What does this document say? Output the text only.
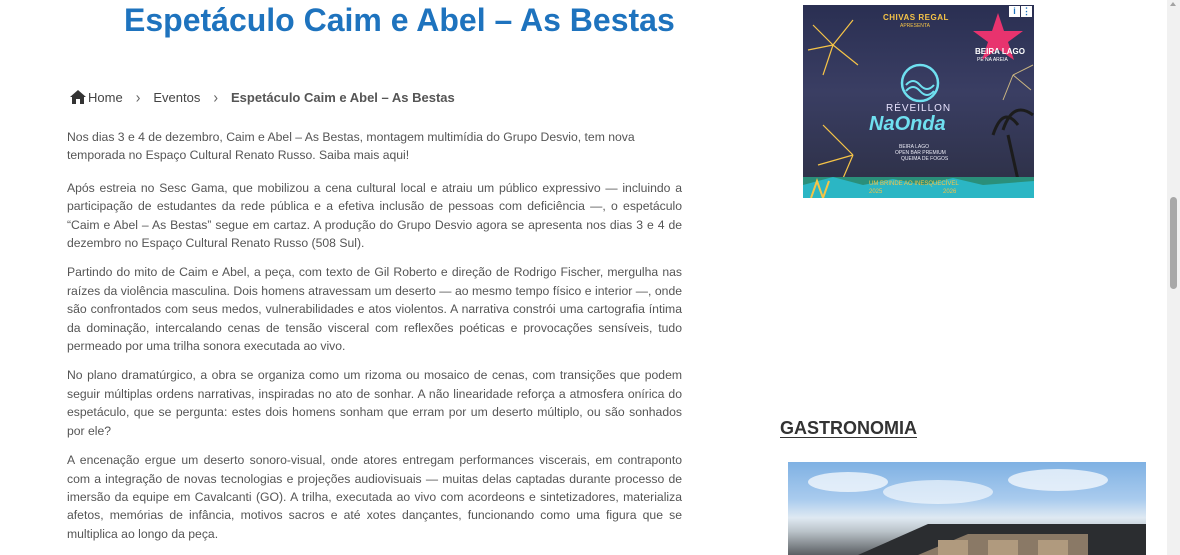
Espetáculo Caim e Abel – As Bestas
Home › Eventos › Espetáculo Caim e Abel – As Bestas

Nos dias 3 e 4 de dezembro, Caim e Abel – As Bestas, montagem multimídia do Grupo Desvio, tem nova temporada no Espaço Cultural Renato Russo. Saiba mais aqui!

Após estreia no Sesc Gama, que mobilizou a cena cultural local e atraiu um público expressivo — incluindo a participação de estudantes da rede pública e a efetiva inclusão de pessoas com deficiência —, o espetáculo “Caim e Abel – As Bestas” segue em cartaz. A produção do Grupo Desvio agora se apresenta nos dias 3 e 4 de dezembro no Espaço Cultural Renato Russo (508 Sul).

Partindo do mito de Caim e Abel, a peça, com texto de Gil Roberto e direção de Rodrigo Fischer, mergulha nas raízes da violência masculina. Dois homens atravessam um deserto — ao mesmo tempo físico e interior —, onde são confrontados com seus medos, vulnerabilidades e atos violentos. A narrativa constrói uma cartografia íntima da dominação, intercalando cenas de tensão visceral com reflexões poéticas e provocações sensíveis, tudo permeado por uma trilha sonora executada ao vivo.

No plano dramatúrgico, a obra se organiza como um rizoma ou mosaico de cenas, com transições que podem seguir múltiplas ordens narrativas, inspiradas no ato de sonhar. A não linearidade reforça a atmosfera onírica do espetáculo, que se pergunta: estes dois homens sonham que erram por um deserto múltiplo, ou são sonhados por ele?

A encenação ergue um deserto sonoro-visual, onde atores entregam performances viscerais, em contraponto com a integração de novas tecnologias e projeções audiovisuais — muitas delas captadas durante processo de imersão da equipe em Cavalcanti (GO). A trilha, executada ao vivo com acordeons e sintetizadores, materializa afetos, memórias de infância, motivos sacros e até xotes dançantes, funcionando como uma figura que se multiplica ao longo da peça.

i ⋮
CHIVAS REGAL
APRESENTA
BEIRA LAGO
PÉ NA AREIA
RÉVEILLON
NaOnda
BEIRA LAGO
OPEN BAR PREMIUM
QUEIMA DE FOGOS
UM BRINDE AO INESQUECÍVEL
2025	2026
GASTRONOMIA
